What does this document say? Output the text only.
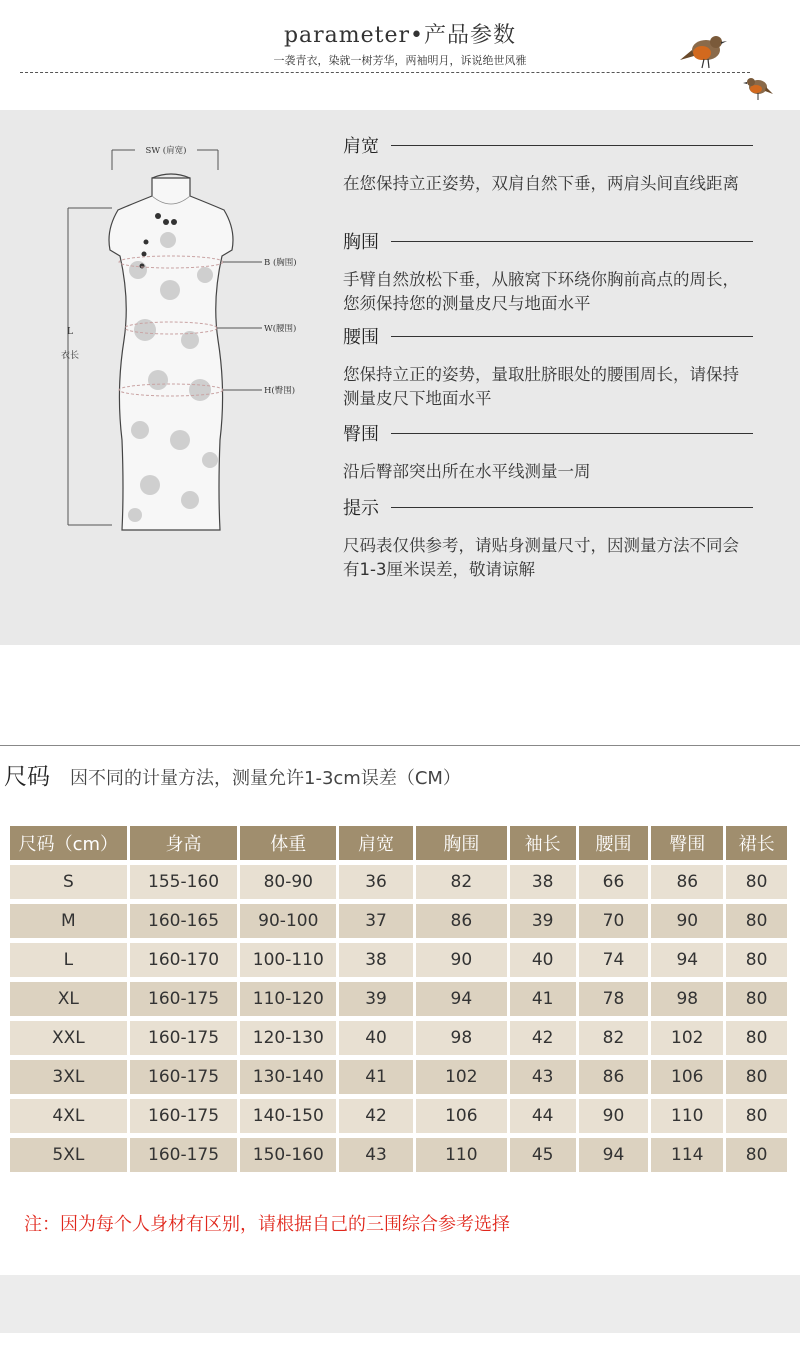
parameter•产品参数
一袭青衣，染就一树芳华，两袖明月，诉说绝世风雅
SW (肩宽)
L
衣长
B (胸围)
W(腰围)
H(臀围)
肩宽
在您保持立正姿势，双肩自然下垂，两肩头间直线距离
胸围
手臂自然放松下垂，从腋窝下环绕你胸前高点的周长，您须保持您的测量皮尺与地面水平
腰围
您保持立正的姿势，量取肚脐眼处的腰围周长，请保持测量皮尺下地面水平
臀围
沿后臀部突出所在水平线测量一周
提示
尺码表仅供参考，请贴身测量尺寸，因测量方法不同会有1-3厘米误差，敬请谅解
尺码 因不同的计量方法，测量允许1-3cm误差（CM）
尺码（cm）	身高	体重	肩宽	胸围	袖长	腰围	臀围	裙长
S	155-160	80-90	36	82	38	66	86	80
M	160-165	90-100	37	86	39	70	90	80
L	160-170	100-110	38	90	40	74	94	80
XL	160-175	110-120	39	94	41	78	98	80
XXL	160-175	120-130	40	98	42	82	102	80
3XL	160-175	130-140	41	102	43	86	106	80
4XL	160-175	140-150	42	106	44	90	110	80
5XL	160-175	150-160	43	110	45	94	114	80
注：因为每个人身材有区别，请根据自己的三围综合参考选择
